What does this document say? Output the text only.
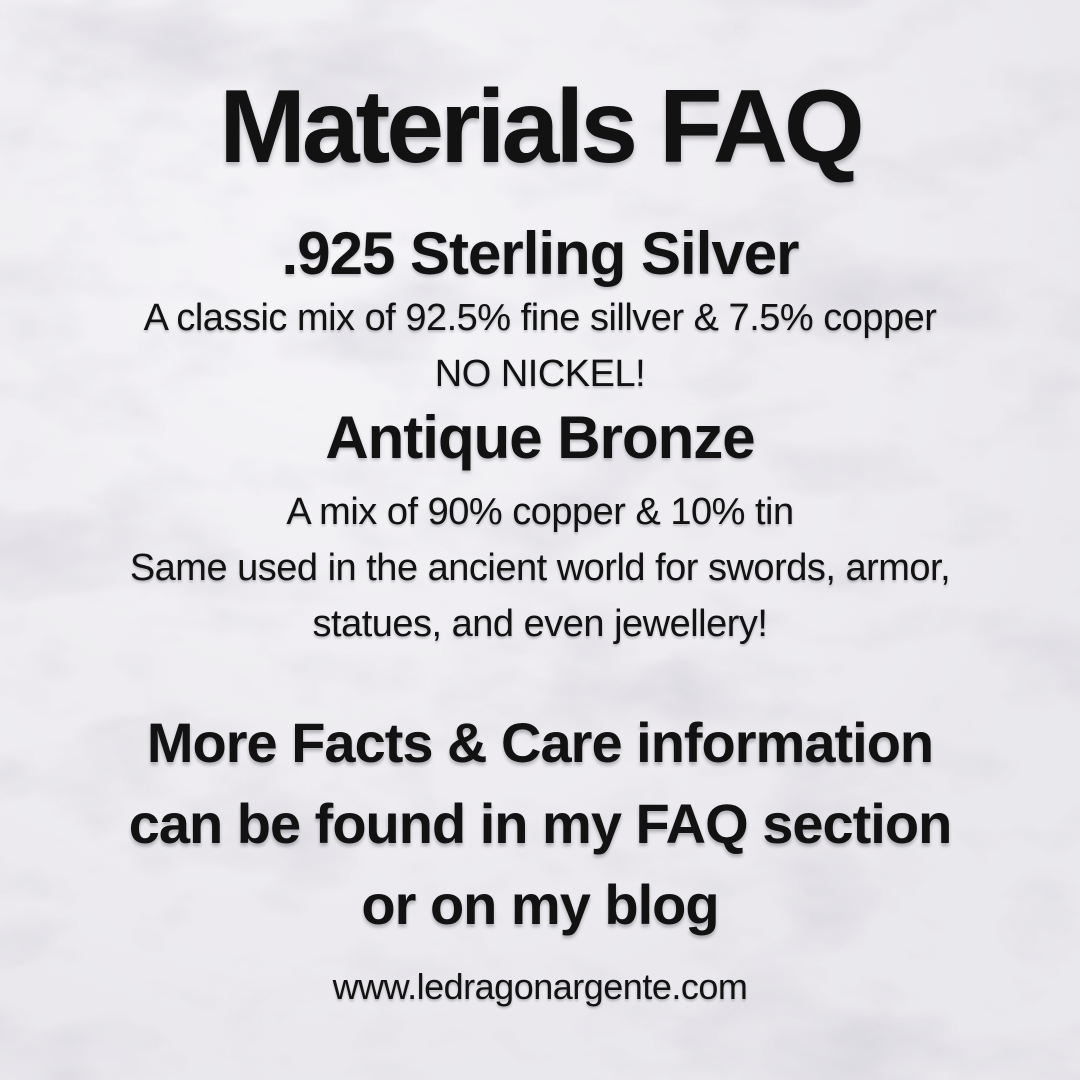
Materials FAQ
.925 Sterling Silver
A classic mix of 92.5% fine sillver & 7.5% copper
NO NICKEL!
Antique Bronze
A mix of 90% copper & 10% tin
Same used in the ancient world for swords, armor,
statues, and even jewellery!
More Facts & Care information
can be found in my FAQ section
or on my blog
www.ledragonargente.com
